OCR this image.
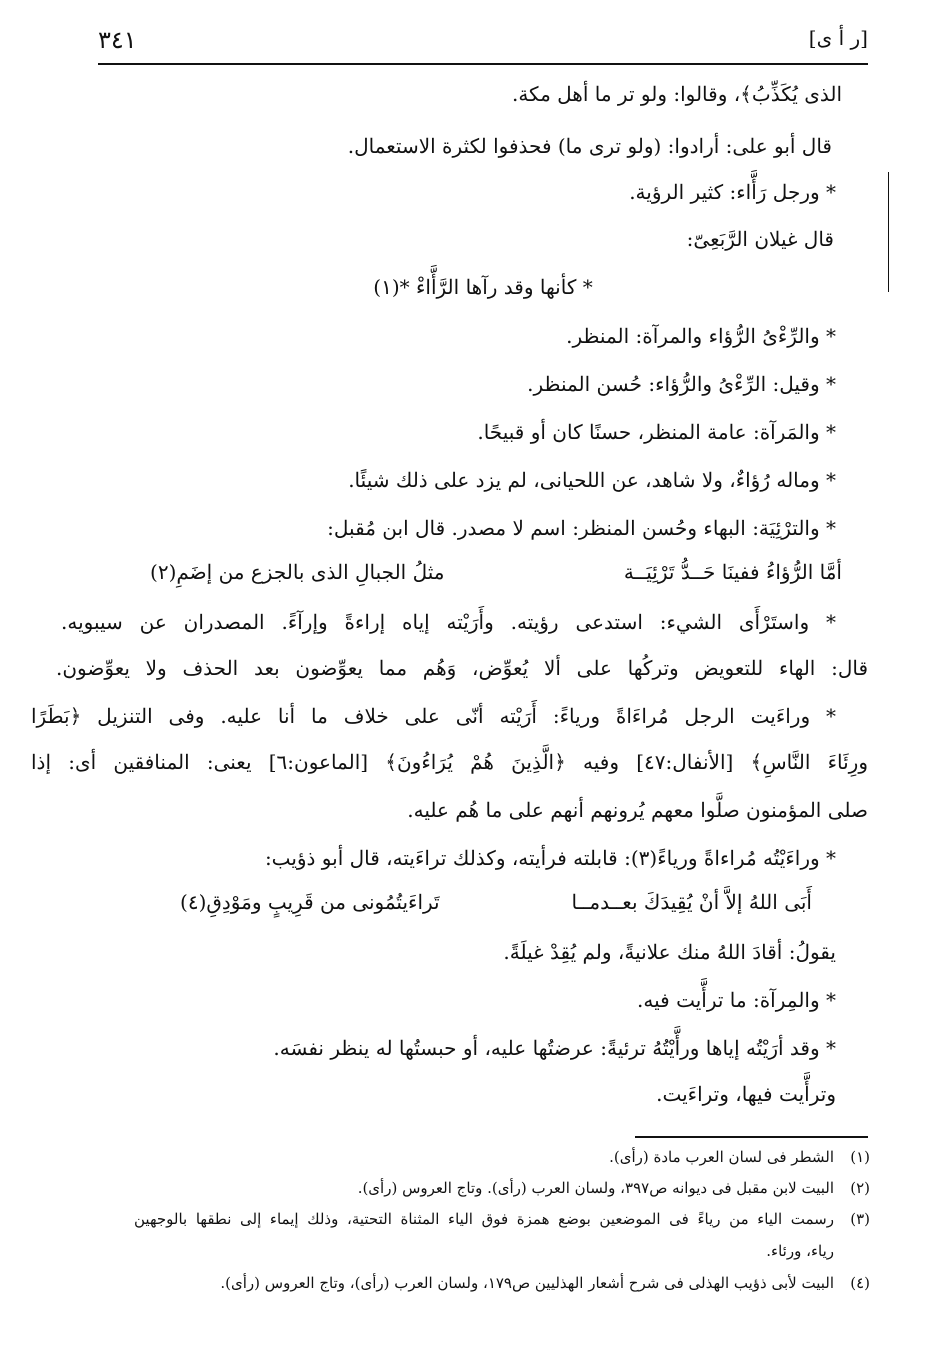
٣٤١	[ر أ ى]
الذى يُكَذِّبُ﴾، وقالوا: ولو تر ما أهل مكة.
قال أبو على: أرادوا: (ولو ترى ما) فحذفوا لكثرة الاستعمال.
* ورجل رَأَّاء: كثير الرؤية.
قال غيلان الرَّبَعِىّ:
* كأنها وقد رآها الرَّأَّاءْ *(١)
* والرِّءْىُ الرُّؤاء والمرآة: المنظر.
* وقيل: الرِّءْىُ والرُّؤاء: حُسن المنظر.
* والمَرآة: عامة المنظر، حسنًا كان أو قبيحًا.
* وماله رُؤاءٌ، ولا شاهد، عن اللحيانى، لم يزد على ذلك شيئًا.
* والترْئِيَة: البهاء وحُسن المنظر: اسم لا مصدر. قال ابن مُقبل:
أمَّا الرُّؤاءُ ففينَا حَــدُّ تَرْئِيَــة
مثلُ الجبالِ الذى بالجزع من إضَمِ(٢)
* واستَرْأَى الشيء: استدعى رؤيته. وأَرَيْته إياه إراءةً وإرآءً. المصدران عن سيبويه.
قال: الهاء للتعويض وتركُها على ألا يُعوِّض، وَهُم مما يعوِّضون بعد الحذف ولا يعوِّضون.
* وراءَيت الرجل مُراءَاةً ورياءً: أَرَيْته أنّى على خلاف ما أنا عليه. وفى التنزيل ﴿بَطَرًا
ورِئَاءَ النَّاسِ﴾ [الأنفال:٤٧] وفيه ﴿الَّذِينَ هُمْ يُرَاءُونَ﴾ [الماعون:٦] يعنى: المنافقين أى: إذا
صلى المؤمنون صلَّوا معهم يُرونهم أنهم على ما هُم عليه.
* وراءَيْتُه مُراءاةً ورياءً(٣): قابلته فرأيته، وكذلك تراءَيته، قال أبو ذؤيب:
أَبَى اللهُ إلاَّ أنْ يُقِيدَكَ بعــدمــا
تَراءَيتُمُونى من قَرِيبٍ ومَوْدِقِ(٤)
يقولُ: أقادَ اللهُ منك علانيةً، ولم يُقِدْ غيلَةً.
* والمِرآة: ما ترأَّيت فيه.
* وقد أرَيْتُه إياها ورأَّيْتُهُ ترئيةً: عرضتُها عليه، أو حبستُها له ينظر نفسَه.
وترأَّيت فيها، وتراءَيت.
(١)
الشطر فى لسان العرب مادة (رأى).
(٢)
البيت لابن مقبل فى ديوانه ص٣٩٧، ولسان العرب (رأى). وتاج العروس (رأى).
(٣)
رسمت الياء من رياءً فى الموضعين بوضع همزة فوق الياء المثناة التحتية، وذلك إيماء إلى نطقها بالوجهين
رياء، ورئاء.
(٤)
البيت لأبى ذؤيب الهذلى فى شرح أشعار الهذليين ص١٧٩، ولسان العرب (رأى)، وتاج العروس (رأى).
